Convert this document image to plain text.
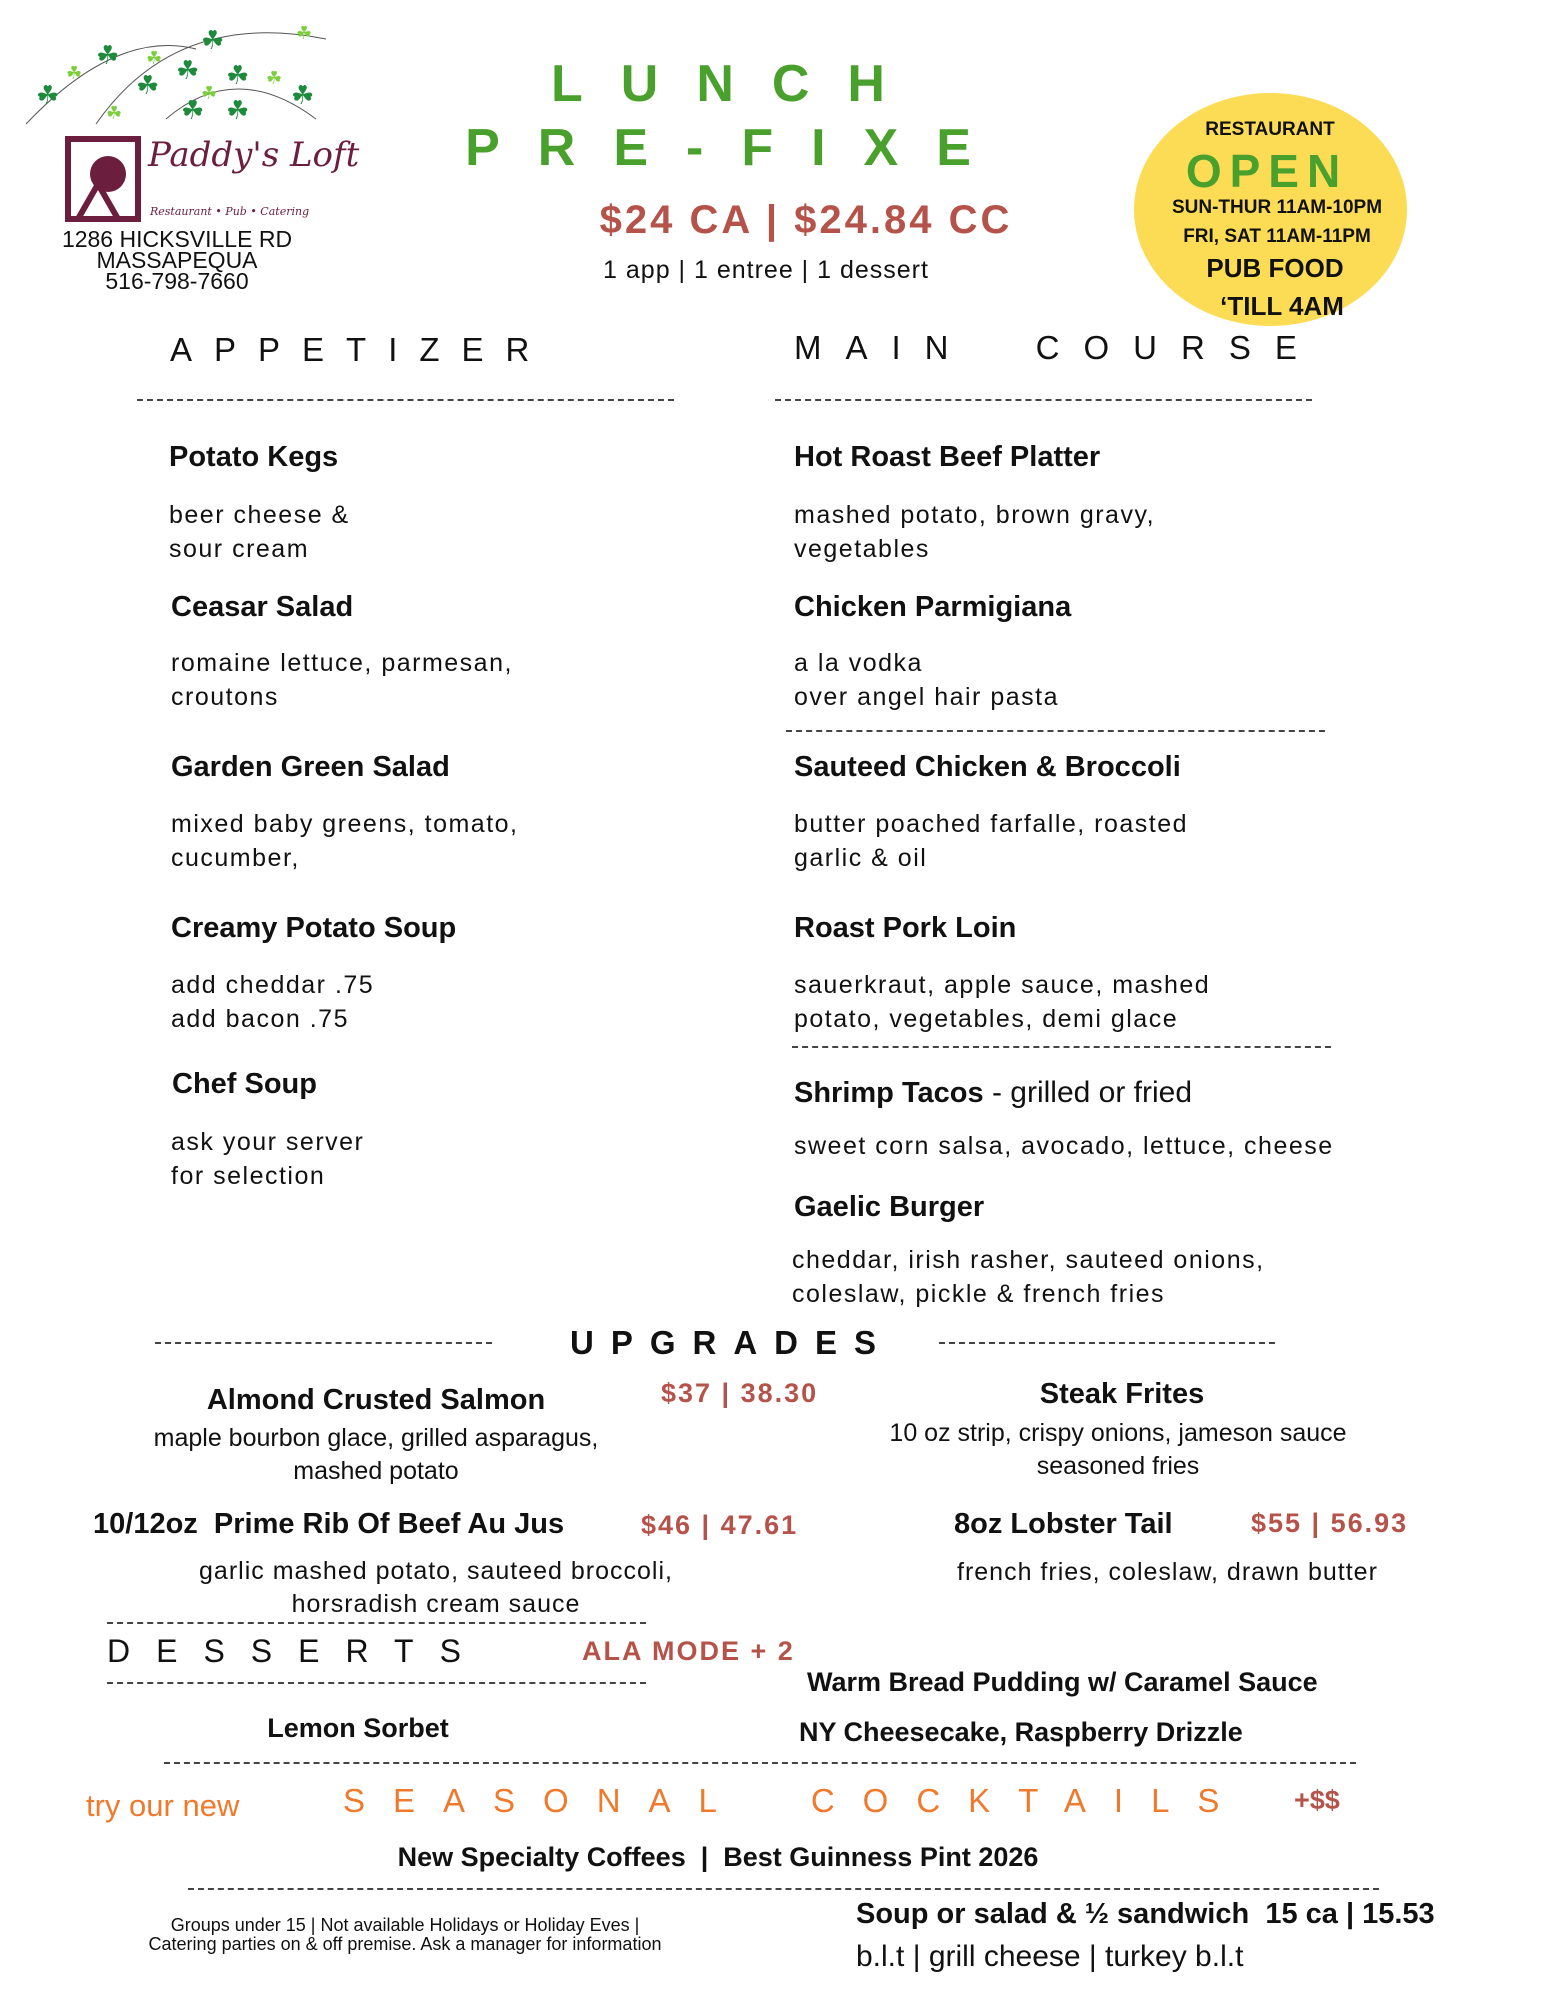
☘
☘
☘ ☘
☘
☘
☘ ☘ ☘
☘
☘
☘
☘
☘
☘
Paddy's Loft
Restaurant • Pub • Catering
1286 HICKSVILLE RD
MASSAPEQUA
516-798-7660
LUNCH
PRE-FIXE
$24 CA | $24.84 CC
1 app | 1 entree | 1 dessert
RESTAURANT
OPEN
SUN-THUR 11AM-10PM
FRI, SAT 11AM-11PM
PUB FOOD
‘TILL 4AM
APPETIZER	MAIN COURSE
Potato Kegs
beer cheese &
sour cream
Ceasar Salad
romaine lettuce, parmesan,
croutons
Garden Green Salad
mixed baby greens, tomato,
cucumber,
Creamy Potato Soup
add cheddar .75
add bacon .75
Chef Soup
ask your server
for selection
Hot Roast Beef Platter
mashed potato, brown gravy,
vegetables
Chicken Parmigiana
a la vodka
over angel hair pasta
Sauteed Chicken & Broccoli
butter poached farfalle, roasted
garlic & oil
Roast Pork Loin
sauerkraut, apple sauce, mashed
potato, vegetables, demi glace
Shrimp Tacos - grilled or fried
sweet corn salsa, avocado, lettuce, cheese
Gaelic Burger
cheddar, irish rasher, sauteed onions,
coleslaw, pickle & french fries
UPGRADES
Almond Crusted Salmon	$37 | 38.30
maple bourbon glace, grilled asparagus,
mashed potato
Steak Frites
10 oz strip, crispy onions, jameson sauce
seasoned fries
10/12oz  Prime Rib Of Beef Au Jus	$46 | 47.61
garlic mashed potato, sauteed broccoli,
horsradish cream sauce
8oz Lobster Tail	$55 | 56.93
french fries, coleslaw, drawn butter
DESSERTS	ALA MODE + 2
Warm Bread Pudding w/ Caramel Sauce
Lemon Sorbet	NY Cheesecake, Raspberry Drizzle
try our new	SEASONAL COCKTAILS +$$
New Specialty Coffees  |  Best Guinness Pint 2026
Groups under 15 | Not available Holidays or Holiday Eves |
Catering parties on & off premise. Ask a manager for information
Soup or salad & ½ sandwich  15 ca | 15.53
b.l.t | grill cheese | turkey b.l.t
